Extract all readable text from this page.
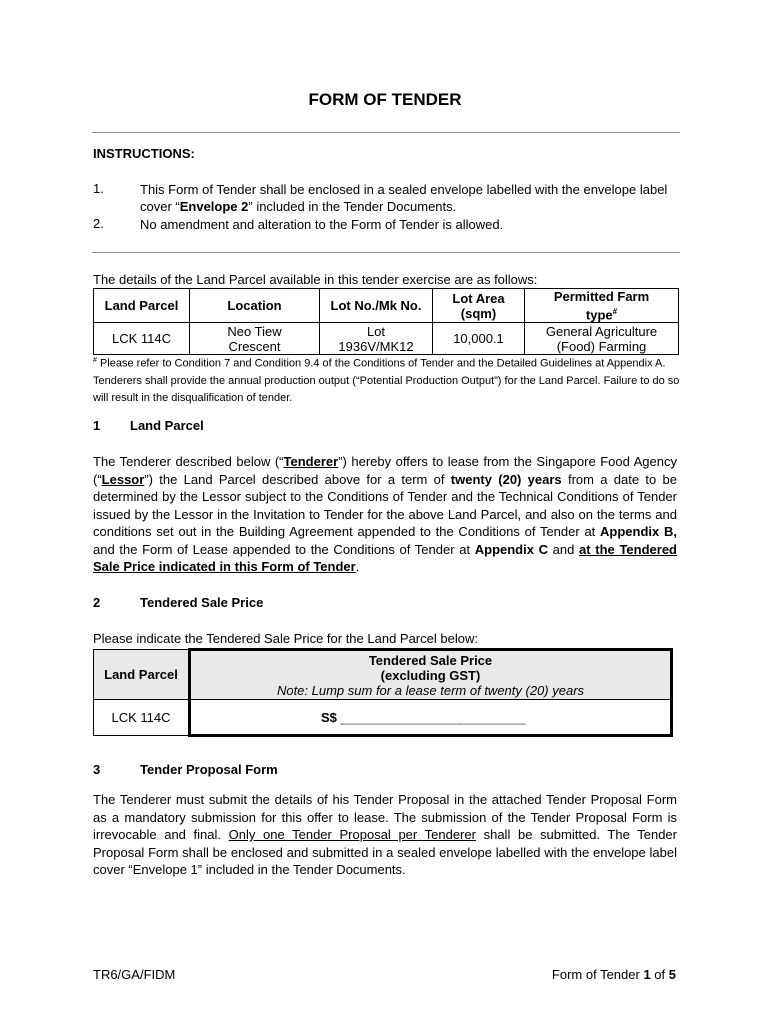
FORM OF TENDER
INSTRUCTIONS:
1.	This Form of Tender shall be enclosed in a sealed envelope labelled with the envelope label cover “Envelope 2” included in the Tender Documents.
2.	No amendment and alteration to the Form of Tender is allowed.
The details of the Land Parcel available in this tender exercise are as follows:
Land Parcel	Location	Lot No./Mk No.	Lot Area (sqm)	Permitted Farm type#
LCK 114C	Neo Tiew Crescent	Lot 1936V/MK12	10,000.1	General Agriculture (Food) Farming
# Please refer to Condition 7 and Condition 9.4 of the Conditions of Tender and the Detailed Guidelines at Appendix A. Tenderers shall provide the annual production output (“Potential Production Output”) for the Land Parcel. Failure to do so will result in the disqualification of tender.
1 Land Parcel
The Tenderer described below (“Tenderer”) hereby offers to lease from the Singapore Food Agency (“Lessor”) the Land Parcel described above for a term of twenty (20) years from a date to be determined by the Lessor subject to the Conditions of Tender and the Technical Conditions of Tender issued by the Lessor in the Invitation to Tender for the above Land Parcel, and also on the terms and conditions set out in the Building Agreement appended to the Conditions of Tender at Appendix B, and the Form of Lease appended to the Conditions of Tender at Appendix C and at the Tendered Sale Price indicated in this Form of Tender.
2	Tendered Sale Price
Please indicate the Tendered Sale Price for the Land Parcel below:
Land Parcel	Tendered Sale Price
(excluding GST)
Note: Lump sum for a lease term of twenty (20) years

LCK 114C	S$ ________________________
3	Tender Proposal Form
The Tenderer must submit the details of his Tender Proposal in the attached Tender Proposal Form as a mandatory submission for this offer to lease. The submission of the Tender Proposal Form is irrevocable and final. Only one Tender Proposal per Tenderer shall be submitted. The Tender Proposal Form shall be enclosed and submitted in a sealed envelope labelled with the envelope label cover “Envelope 1” included in the Tender Documents.
TR6/GA/FIDM	Form of Tender 1 of 5
